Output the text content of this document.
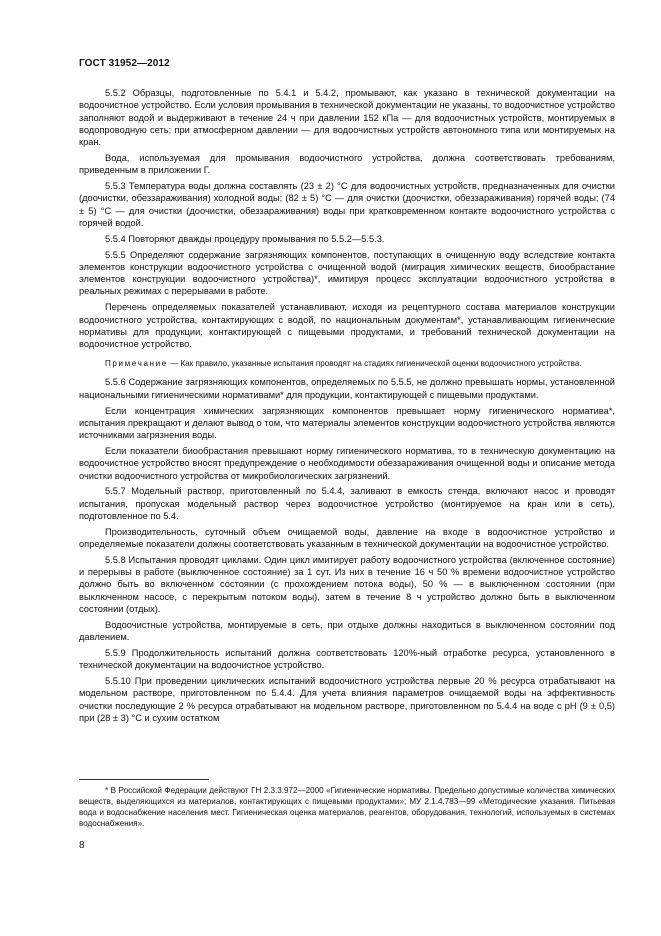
ГОСТ 31952—2012

5.5.2 Образцы, подготовленные по 5.4.1 и 5.4.2, промывают, как указано в технической документации на водоочистное устройство. Если условия промывания в технической документации не указаны, то водоочистное устройство заполняют водой и выдерживают в течение 24 ч при давлении 152 кПа — для водоочистных устройств, монтируемых в водопроводную сеть; при атмосферном давлении — для водоочистных устройств автономного типа или монтируемых на кран.

Вода, используемая для промывания водоочистного устройства, должна соответствовать требованиям, приведенным в приложении Г.

5.5.3 Температура воды должна составлять (23 ± 2) °C для водоочистных устройств, предназначенных для очистки (доочистки, обеззараживания) холодной воды; (82 ± 5) °C — для очистки (доочистки, обеззараживания) горячей воды; (74 ± 5) °C — для очистки (доочистки, обеззараживания) воды при кратковременном контакте водоочистного устройства с горячей водой.

5.5.4 Повторяют дважды процедуру промывания по 5.5.2—5.5.3.

5.5.5 Определяют содержание загрязняющих компонентов, поступающих в очищенную воду вследствие контакта элементов конструкции водоочистного устройства с очищенной водой (миграция химических веществ, биообрастание элементов конструкции водоочистного устройства)*, имитируя процесс эксплуатации водоочистного устройства в реальных режимах с перерывами в работе.

Перечень определяемых показателей устанавливают, исходя из рецептурного состава материалов конструкции водоочистного устройства, контактирующих с водой, по национальным документам*, устанавливающим гигиенические нормативы для продукции, контактирующей с пищевыми продуктами, и требований технической документации на водоочистное устройство.

Примечание — Как правило, указанные испытания проводят на стадиях гигиенической оценки водоочистного устройства.

5.5.6 Содержание загрязняющих компонентов, определяемых по 5.5.5, не должно превышать нормы, установленной национальными гигиеническими нормативами* для продукции, контактирующей с пищевыми продуктами.

Если концентрация химических загрязняющих компонентов превышает норму гигиенического норматива*, испытания прекращают и делают вывод о том, что материалы элементов конструкции водоочистного устройства являются источниками загрязнения воды.

Если показатели биообрастания превышают норму гигиенического норматива, то в техническую документацию на водоочистное устройство вносят предупреждение о необходимости обеззараживания очищенной воды и описание метода очистки водоочистного устройства от микробиологических загрязнений.

5.5.7 Модельный раствор, приготовленный по 5.4.4, заливают в емкость стенда, включают насос и проводят испытания, пропуская модельный раствор через водоочистное устройство (монтируемое на кран или в сеть), подготовленное по 5.4.

Производительность, суточный объем очищаемой воды, давление на входе в водоочистное устройство и определяемые показатели должны соответствовать указанным в технической документации на водоочистное устройство.

5.5.8 Испытания проводят циклами. Один цикл имитирует работу водоочистного устройства (включенное состояние) и перерывы в работе (выключенное состояние) за 1 сут. Из них в течение 16 ч 50 % времени водоочистное устройство должно быть во включенном состоянии (с прохождением потока воды), 50 % — в выключенном состоянии (при выключенном насосе, с перекрытым потоком воды), затем в течение 8 ч устройство должно быть в выключенном состоянии (отдых).

Водоочистные устройства, монтируемые в сеть, при отдыхе должны находиться в выключенном состоянии под давлением.

5.5.9 Продолжительность испытаний должна соответствовать 120%-ный отработке ресурса, установленного в технической документации на водоочистное устройство.

5.5.10 При проведении циклических испытаний водоочистного устройства первые 20 % ресурса отрабатывают на модельном растворе, приготовленном по 5.4.4. Для учета влияния параметров очищаемой воды на эффективность очистки последующие 2 % ресурса отрабатывают на модельном растворе, приготовленном по 5.4.4 на воде с pH (9 ± 0,5) при (28 ± 3) °C и сухим остатком

* В Российской Федерации действуют ГН 2.3.3.972—2000 «Гигиенические нормативы. Предельно допустимые количества химических веществ, выделяющихся из материалов, контактирующих с пищевыми продуктами»; МУ 2.1.4.783—99 «Методические указания. Питьевая вода и водоснабжение населения мест. Гигиеническая оценка материалов, реагентов, оборудования, технологий, используемых в системах водоснабжения».

8
